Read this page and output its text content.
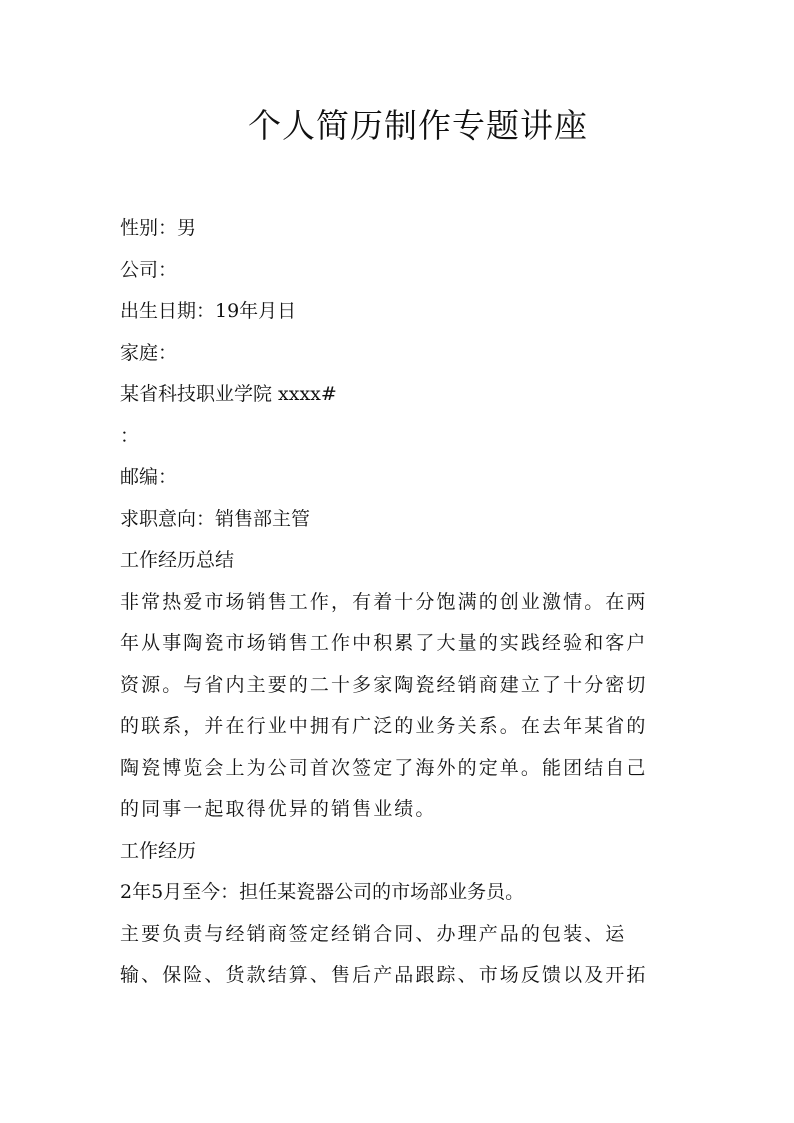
个人简历制作专题讲座
性别：男
公司：
出生日期：19年月日
家庭：
某省科技职业学院 xxxx#
：
邮编：
求职意向：销售部主管
工作经历总结
非常热爱市场销售工作，有着十分饱满的创业激情。在两
年从事陶瓷市场销售工作中积累了大量的实践经验和客户
资源。与省内主要的二十多家陶瓷经销商建立了十分密切
的联系，并在行业中拥有广泛的业务关系。在去年某省的
陶瓷博览会上为公司首次签定了海外的定单。能团结自己
的同事一起取得优异的销售业绩。
工作经历
2年5月至今：担任某瓷器公司的市场部业务员。
主要负责与经销商签定经销合同、办理产品的包装、运
输、保险、货款结算、售后产品跟踪、市场反馈以及开拓
